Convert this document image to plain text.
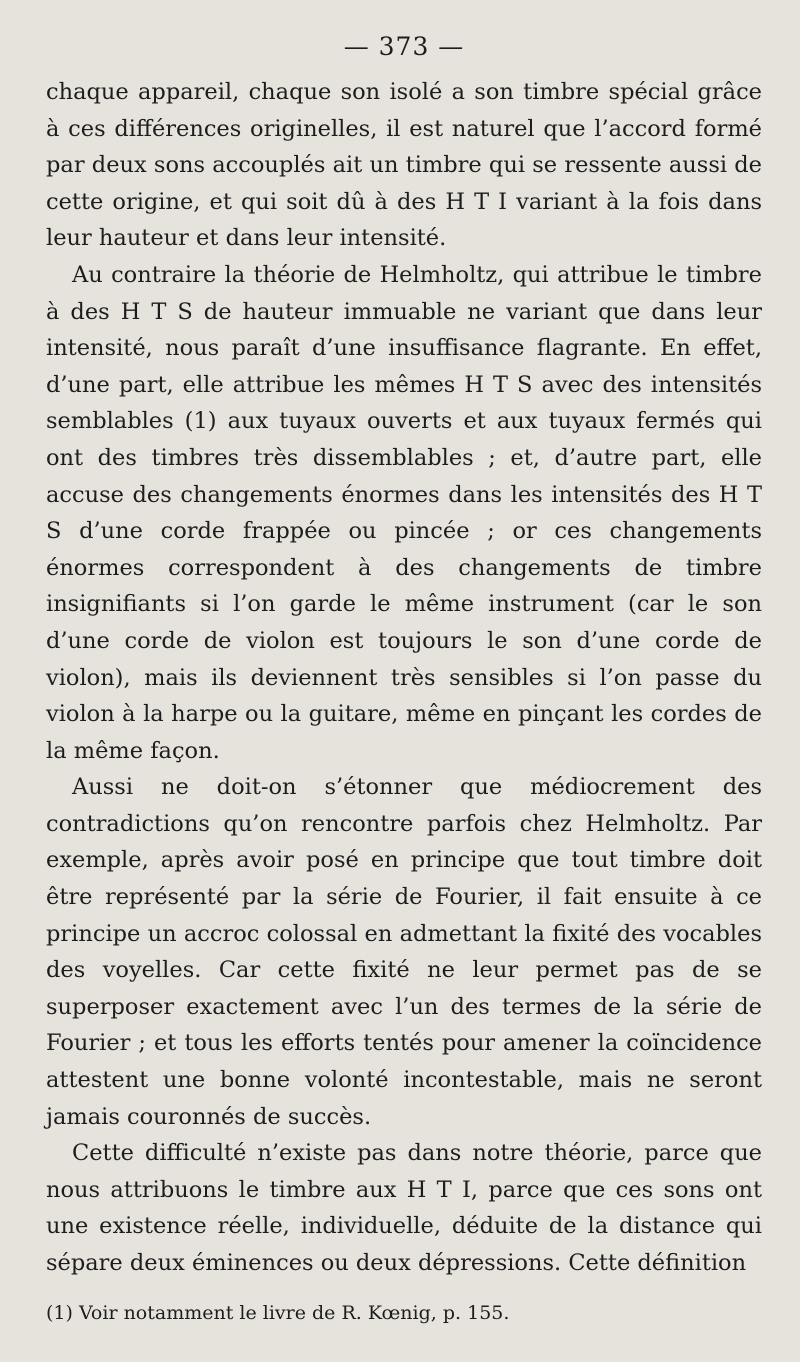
— 373 —

chaque appareil, chaque son isolé a son timbre spécial grâce à ces différences originelles, il est naturel que l’accord formé par deux sons accouplés ait un timbre qui se ressente aussi de cette origine, et qui soit dû à des H T I variant à la fois dans leur hauteur et dans leur intensité.

Au contraire la théorie de Helmholtz, qui attribue le timbre à des H T S de hauteur immuable ne variant que dans leur intensité, nous paraît d’une insuffisance flagrante. En effet, d’une part, elle attribue les mêmes H T S avec des intensités semblables (1) aux tuyaux ouverts et aux tuyaux fermés qui ont des timbres très dissemblables ; et, d’autre part, elle accuse des changements énormes dans les intensités des H T S d’une corde frappée ou pincée ; or ces changements énormes correspondent à des changements de timbre insignifiants si l’on garde le même instrument (car le son d’une corde de violon est toujours le son d’une corde de violon), mais ils deviennent très sensibles si l’on passe du violon à la harpe ou la guitare, même en pinçant les cordes de la même façon.

Aussi ne doit-on s’étonner que médiocrement des contradictions qu’on rencontre parfois chez Helmholtz. Par exemple, après avoir posé en principe que tout timbre doit être représenté par la série de Fourier, il fait ensuite à ce principe un accroc colossal en admettant la fixité des vocables des voyelles. Car cette fixité ne leur permet pas de se superposer exactement avec l’un des termes de la série de Fourier ; et tous les efforts tentés pour amener la coïncidence attestent une bonne volonté incontestable, mais ne seront jamais couronnés de succès.

Cette difficulté n’existe pas dans notre théorie, parce que nous attribuons le timbre aux H T I, parce que ces sons ont une existence réelle, individuelle, déduite de la distance qui sépare deux éminences ou deux dépressions. Cette définition

(1) Voir notamment le livre de R. Kœnig, p. 155.
